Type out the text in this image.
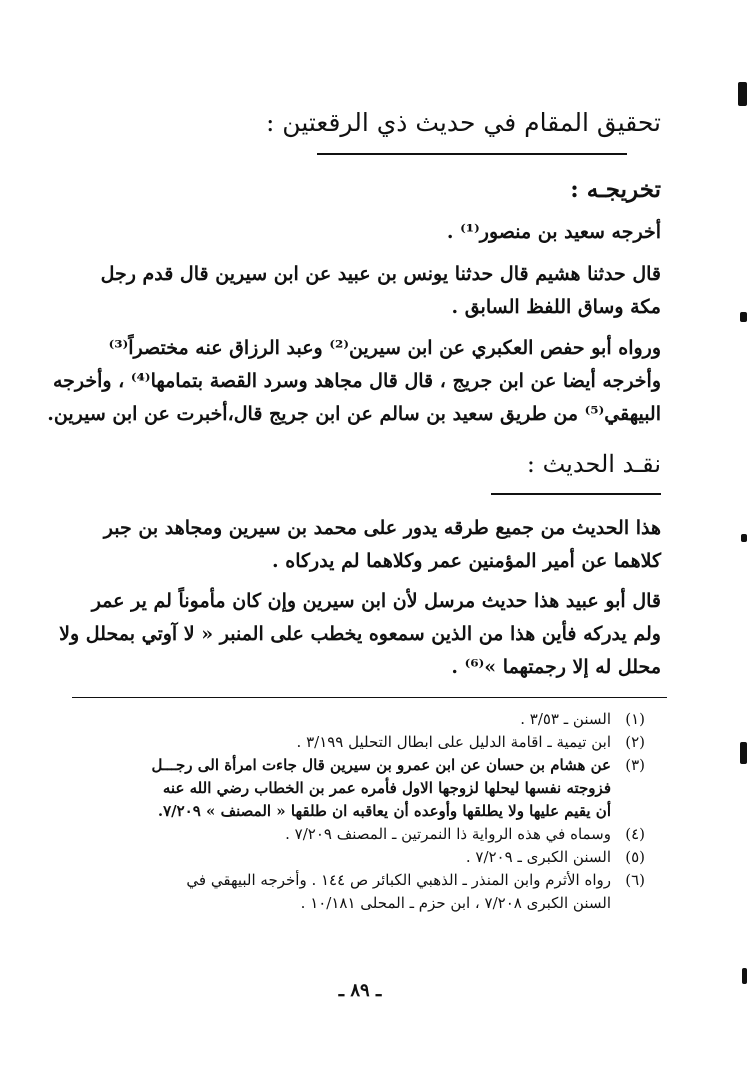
تحقيق المقام في حديث ذي الرقعتين :
تخريجـه :
أخرجه سعيد بن منصور⁽¹⁾ .
قال حدثنا هشيم قال حدثنا يونس بن عبيد عن ابن سيرين قال قدم رجل
مكة وساق اللفظ السابق .
ورواه أبو حفص العكبري عن ابن سيرين⁽²⁾ وعبد الرزاق عنه مختصراً⁽³⁾
وأخرجه أيضا عن ابن جريج ، قال قال مجاهد وسرد القصة بتمامها⁽⁴⁾ ، وأخرجه
البيهقي⁽⁵⁾ من طريق سعيد بن سالم عن ابن جريج قال،أخبرت عن ابن سيرين.
نقـد الحديث :
هذا الحديث من جميع طرقه يدور على محمد بن سيرين ومجاهد بن جبر
كلاهما عن أمير المؤمنين عمر وكلاهما لم يدركاه .
قال أبو عبيد هذا حديث مرسل لأن ابن سيرين وإن كان مأموناً لم ير عمر
ولم يدركه فأين هذا من الذين سمعوه يخطب على المنبر « لا آوتي بمحلل ولا
محلل له إلا رجمتهما »⁽⁶⁾ .
(١)
السنن ـ ٣/٥٣ .
(٢)
ابن تيمية ـ اقامة الدليل على ابطال التحليل ٣/١٩٩ .
(٣)
عن هشام بن حسان عن ابن عمرو بن سيرين قال جاءت امرأة الى رجـــل
فزوجته نفسها ليحلها لزوجها الاول فأمره عمر بن الخطاب رضي الله عنه
أن يقيم عليها ولا يطلقها وأوعده أن يعاقبه ان طلقها « المصنف » ٧/٢٠٩.
(٤)
وسماه في هذه الرواية ذا النمرتين ـ المصنف ٧/٢٠٩ .
(٥)
السنن الكبرى ـ ٧/٢٠٩ .
(٦)
رواه الأثرم وابن المنذر ـ الذهبي الكبائر ص ١٤٤ . وأخرجه البيهقي في
السنن الكبرى ٧/٢٠٨ ، ابن حزم ـ المحلى ١٠/١٨١ .
ـ ٨٩ ـ
